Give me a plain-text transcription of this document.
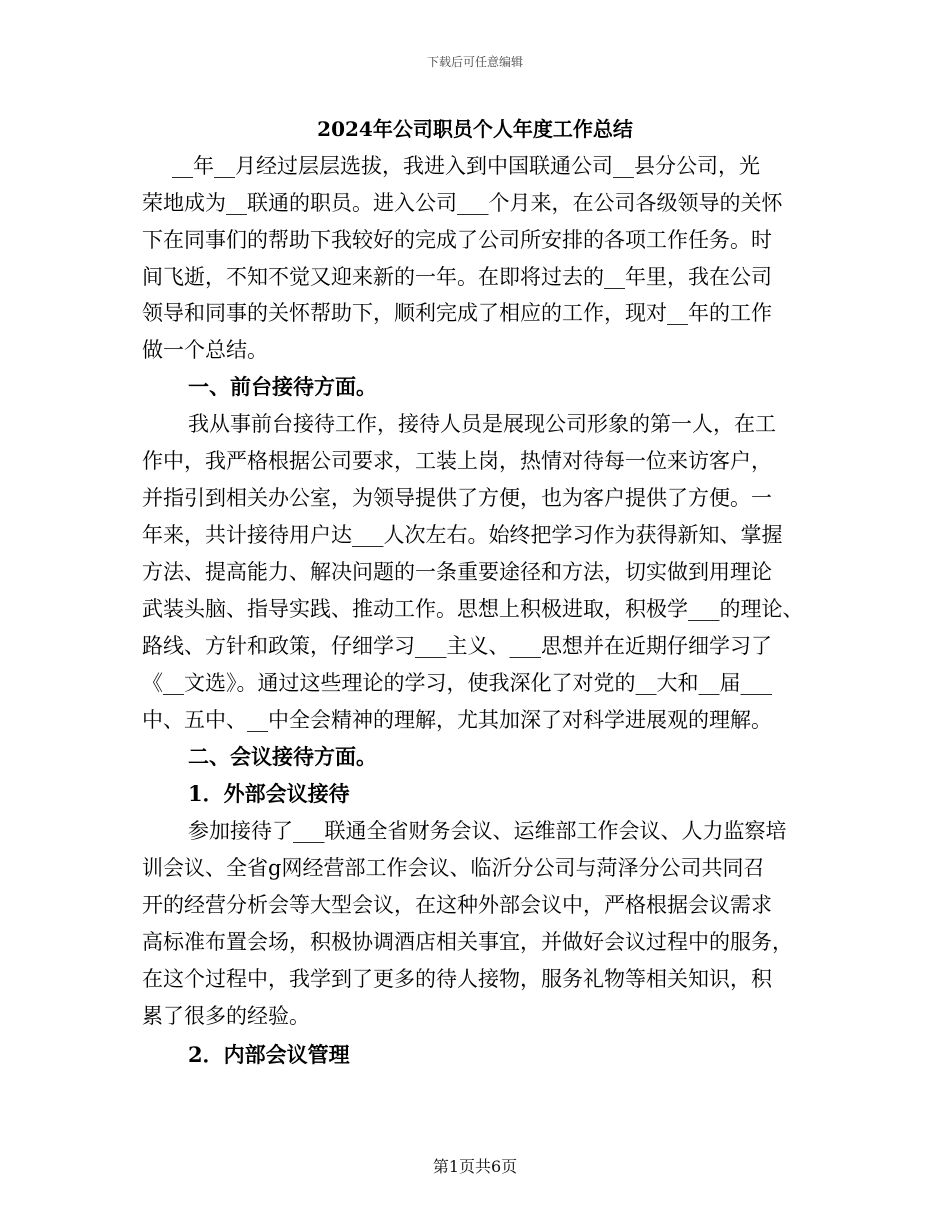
下载后可任意编辑
2024年公司职员个人年度工作总结
__年__月经过层层选拔，我进入到中国联通公司__县分公司，光
荣地成为__联通的职员。进入公司___个月来，在公司各级领导的关怀
下在同事们的帮助下我较好的完成了公司所安排的各项工作任务。时
间飞逝，不知不觉又迎来新的一年。在即将过去的__年里，我在公司
领导和同事的关怀帮助下，顺利完成了相应的工作，现对__年的工作
做一个总结。
一、前台接待方面。
我从事前台接待工作，接待人员是展现公司形象的第一人，在工
作中，我严格根据公司要求，工装上岗，热情对待每一位来访客户，
并指引到相关办公室，为领导提供了方便，也为客户提供了方便。一
年来，共计接待用户达___人次左右。始终把学习作为获得新知、掌握
方法、提高能力、解决问题的一条重要途径和方法，切实做到用理论
武装头脑、指导实践、推动工作。思想上积极进取，积极学___的理论、
路线、方针和政策，仔细学习___主义、___思想并在近期仔细学习了
《__文选》。通过这些理论的学习，使我深化了对党的__大和__届___
中、五中、__中全会精神的理解，尤其加深了对科学进展观的理解。
二、会议接待方面。
1．外部会议接待
参加接待了___联通全省财务会议、运维部工作会议、人力监察培
训会议、全省g网经营部工作会议、临沂分公司与菏泽分公司共同召
开的经营分析会等大型会议，在这种外部会议中，严格根据会议需求
高标准布置会场，积极协调酒店相关事宜，并做好会议过程中的服务，
在这个过程中，我学到了更多的待人接物，服务礼物等相关知识，积
累了很多的经验。
2．内部会议管理
第1页共6页
